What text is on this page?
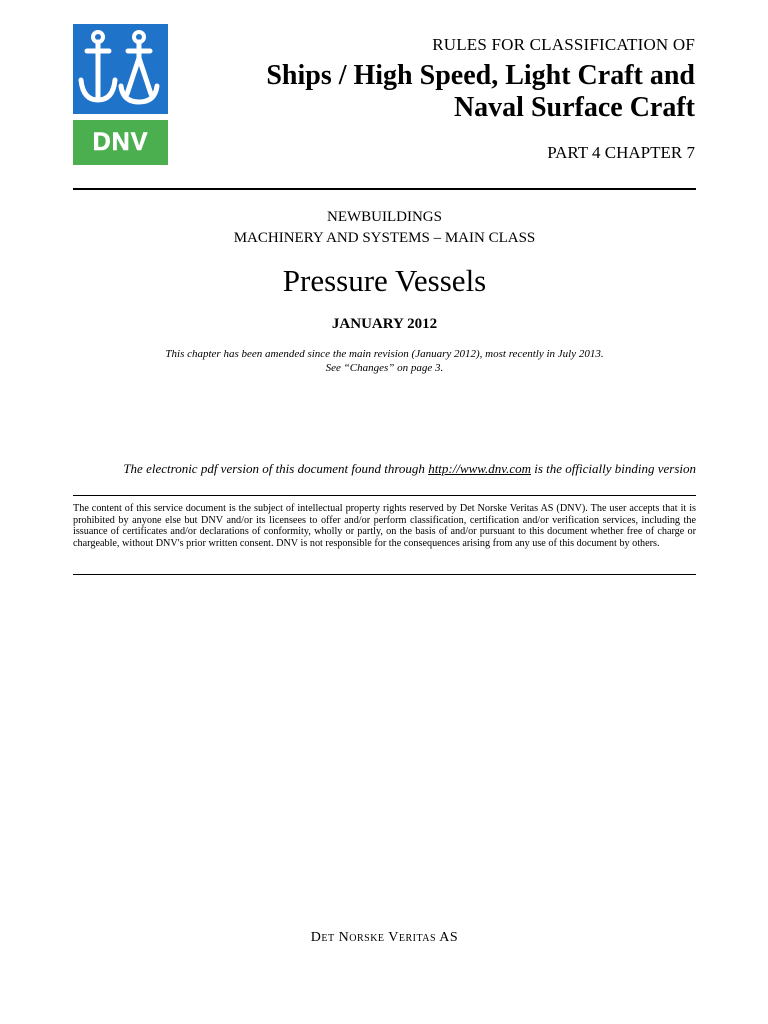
DNV
RULES FOR CLASSIFICATION OF
Ships / High Speed, Light Craft and
Naval Surface Craft
PART 4 CHAPTER 7
NEWBUILDINGS
MACHINERY AND SYSTEMS – MAIN CLASS
Pressure Vessels
JANUARY 2012
This chapter has been amended since the main revision (January 2012), most recently in July 2013.
See “Changes” on page 3.
The electronic pdf version of this document found through http://www.dnv.com is the officially binding version
The content of this service document is the subject of intellectual property rights reserved by Det Norske Veritas AS (DNV). The user accepts that it is prohibited by anyone else but DNV and/or its licensees to offer and/or perform classification, certification and/or verification services, including the issuance of certificates and/or declarations of conformity, wholly or partly, on the basis of and/or pursuant to this document whether free of charge or chargeable, without DNV's prior written consent. DNV is not responsible for the consequences arising from any use of this document by others.
Det Norske Veritas AS
